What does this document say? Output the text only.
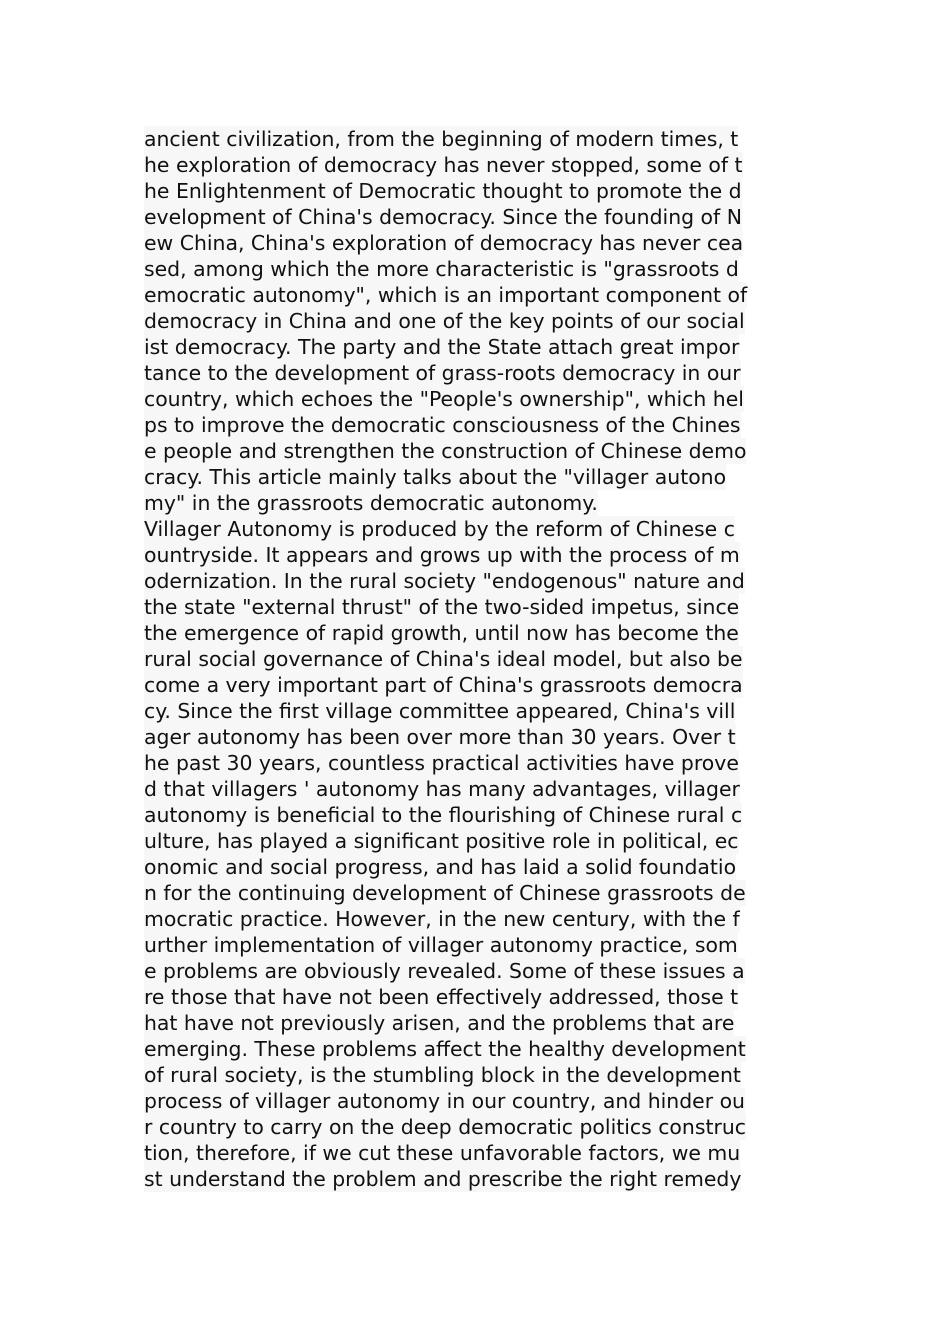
ancient civilization, from the beginning of modern times, t
he exploration of democracy has never stopped, some of t
he Enlightenment of Democratic thought to promote the d
evelopment of China's democracy. Since the founding of N
ew China, China's exploration of democracy has never cea
sed, among which the more characteristic is "grassroots d
emocratic autonomy", which is an important component of
democracy in China and one of the key points of our social
ist democracy. The party and the State attach great impor
tance to the development of grass-roots democracy in our
country, which echoes the "People's ownership", which hel
ps to improve the democratic consciousness of the Chines
e people and strengthen the construction of Chinese demo
cracy. This article mainly talks about the "villager autono
my" in the grassroots democratic autonomy.
Villager Autonomy is produced by the reform of Chinese c
ountryside. It appears and grows up with the process of m
odernization. In the rural society "endogenous" nature and
the state "external thrust" of the two-sided impetus, since
the emergence of rapid growth, until now has become the
rural social governance of China's ideal model, but also be
come a very important part of China's grassroots democra
cy. Since the first village committee appeared, China's vill
ager autonomy has been over more than 30 years. Over t
he past 30 years, countless practical activities have prove
d that villagers ' autonomy has many advantages, villager
autonomy is beneficial to the flourishing of Chinese rural c
ulture, has played a significant positive role in political, ec
onomic and social progress, and has laid a solid foundatio
n for the continuing development of Chinese grassroots de
mocratic practice. However, in the new century, with the f
urther implementation of villager autonomy practice, som
e problems are obviously revealed. Some of these issues a
re those that have not been effectively addressed, those t
hat have not previously arisen, and the problems that are
emerging. These problems affect the healthy development
of rural society, is the stumbling block in the development
process of villager autonomy in our country, and hinder ou
r country to carry on the deep democratic politics construc
tion, therefore, if we cut these unfavorable factors, we mu
st understand the problem and prescribe the right remedy
